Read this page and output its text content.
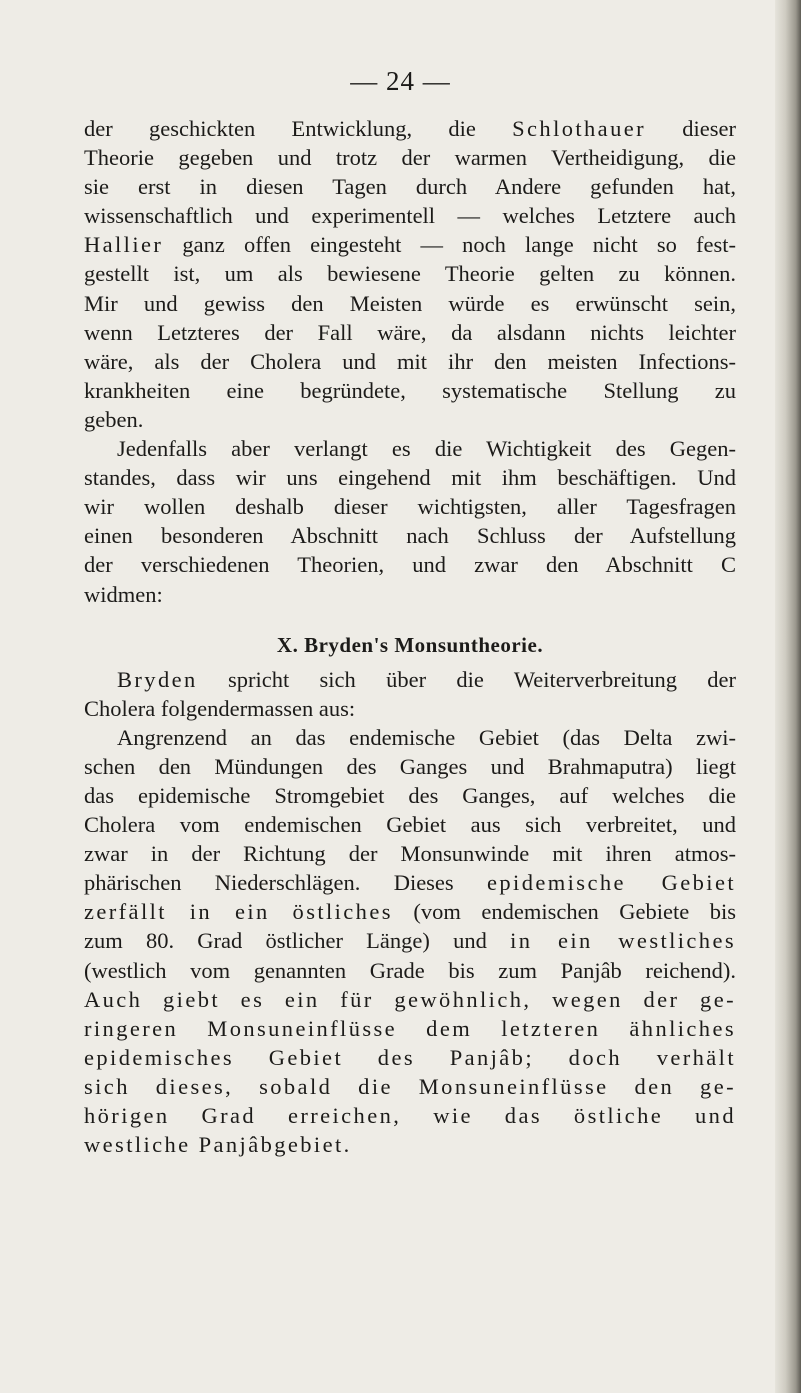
— 24 —
der geschickten Entwicklung, die Schlothauer dieser
Theorie gegeben und trotz der warmen Vertheidigung, die
sie erst in diesen Tagen durch Andere gefunden hat,
wissenschaftlich und experimentell — welches Letztere auch
Hallier ganz offen eingesteht — noch lange nicht so fest-
gestellt ist, um als bewiesene Theorie gelten zu können.
Mir und gewiss den Meisten würde es erwünscht sein,
wenn Letzteres der Fall wäre, da alsdann nichts leichter
wäre, als der Cholera und mit ihr den meisten Infections-
krankheiten eine begründete, systematische Stellung zu
geben.
Jedenfalls aber verlangt es die Wichtigkeit des Gegen-
standes, dass wir uns eingehend mit ihm beschäftigen. Und
wir wollen deshalb dieser wichtigsten, aller Tagesfragen
einen besonderen Abschnitt nach Schluss der Aufstellung
der verschiedenen Theorien, und zwar den Abschnitt C
widmen:
X. Bryden's Monsuntheorie.
Bryden spricht sich über die Weiterverbreitung der
Cholera folgendermassen aus:
Angrenzend an das endemische Gebiet (das Delta zwi-
schen den Mündungen des Ganges und Brahmaputra) liegt
das epidemische Stromgebiet des Ganges, auf welches die
Cholera vom endemischen Gebiet aus sich verbreitet, und
zwar in der Richtung der Monsunwinde mit ihren atmos-
phärischen Niederschlägen. Dieses epidemische Gebiet
zerfällt in ein östliches (vom endemischen Gebiete bis
zum 80. Grad östlicher Länge) und in ein westliches
(westlich vom genannten Grade bis zum Panjâb reichend).
Auch giebt es ein für gewöhnlich, wegen der ge-
ringeren Monsuneinflüsse dem letzteren ähnliches
epidemisches Gebiet des Panjâb; doch verhält
sich dieses, sobald die Monsuneinflüsse den ge-
hörigen Grad erreichen, wie das östliche und
westliche Panjâbgebiet.
